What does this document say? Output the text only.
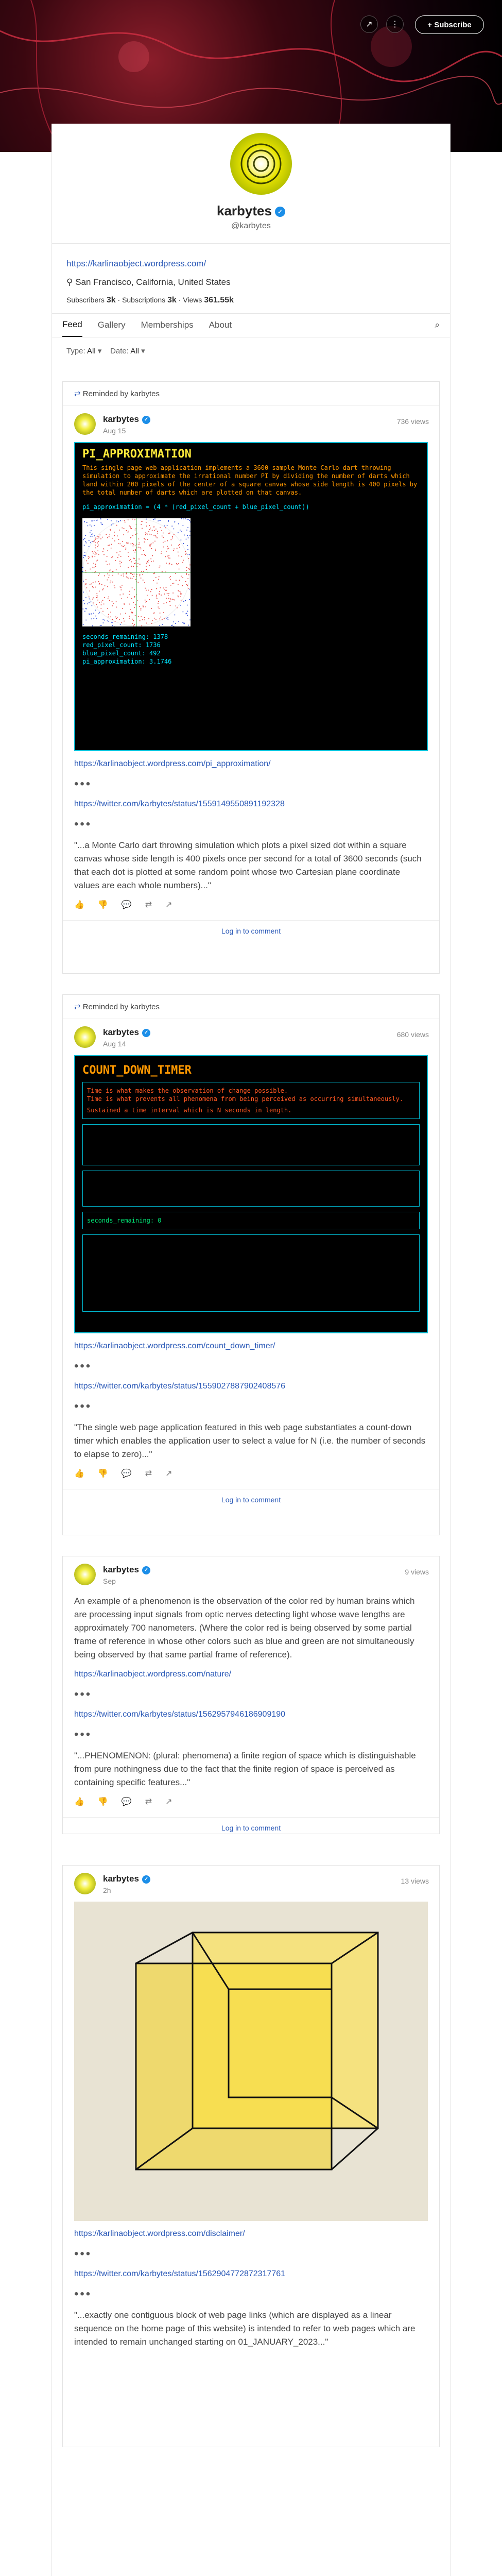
↗	⋮	+ Subscribe
karbytes ✓
@karbytes
https://karlinaobject.wordpress.com/
⚲ San Francisco, California, United States
Subscribers 3k · Subscriptions 3k · Views 361.55k
Feed Gallery Memberships About	⌕
Type: All ▾    Date: All ▾
⇄ Reminded by karbytes
karbytes ✓
Aug 15
736 views
PI_APPROXIMATION
This single page web application implements a 3600 sample Monte Carlo dart throwing simulation to approximate the irrational number PI by dividing the number of darts which land within 200 pixels of the center of a square canvas whose side length is 400 pixels by the total number of darts which are plotted on that canvas.
pi_approximation = (4 * (red_pixel_count + blue_pixel_count))
seconds_remaining: 1378
red_pixel_count: 1736
blue_pixel_count: 492
pi_approximation: 3.1746
https://karlinaobject.wordpress.com/pi_approximation/
•••
https://twitter.com/karbytes/status/1559149550891192328
•••
"...a Monte Carlo dart throwing simulation which plots a pixel sized dot within a square canvas whose side length is 400 pixels once per second for a total of 3600 seconds (such that each dot is plotted at some random point whose two Cartesian plane coordinate values are each whole numbers)..."
👍 👎 💬 ⇄ ↗
Log in to comment
⇄ Reminded by karbytes
karbytes ✓
Aug 14
680 views
COUNT_DOWN_TIMER
Time is what makes the observation of change possible.
Time is what prevents all phenomena from being perceived as occurring simultaneously.
Sustained a time interval which is N seconds in length.
seconds_remaining: 0
https://karlinaobject.wordpress.com/count_down_timer/
•••
https://twitter.com/karbytes/status/1559027887902408576
•••
"The single web page application featured in this web page substantiates a count-down timer which enables the application user to select a value for N (i.e. the number of seconds to elapse to zero)..."
👍 👎 💬 ⇄ ↗
Log in to comment
karbytes ✓
Sep
9 views
An example of a phenomenon is the observation of the color red by human brains which are processing input signals from optic nerves detecting light whose wave lengths are approximately 700 nanometers. (Where the color red is being observed by some partial frame of reference in whose other colors such as blue and green are not simultaneously being observed by that same partial frame of reference).
https://karlinaobject.wordpress.com/nature/
•••
https://twitter.com/karbytes/status/1562957946186909190
•••
"...PHENOMENON: (plural: phenomena) a finite region of space which is distinguishable from pure nothingness due to the fact that the finite region of space is perceived as containing specific features..."
👍 👎 💬 ⇄ ↗
Log in to comment
karbytes ✓
2h
13 views
https://karlinaobject.wordpress.com/disclaimer/
•••
https://twitter.com/karbytes/status/1562904772872317761
•••
"...exactly one contiguous block of web page links (which are displayed as a linear sequence on the home page of this website) is intended to refer to web pages which are intended to remain unchanged starting on 01_JANUARY_2023..."
